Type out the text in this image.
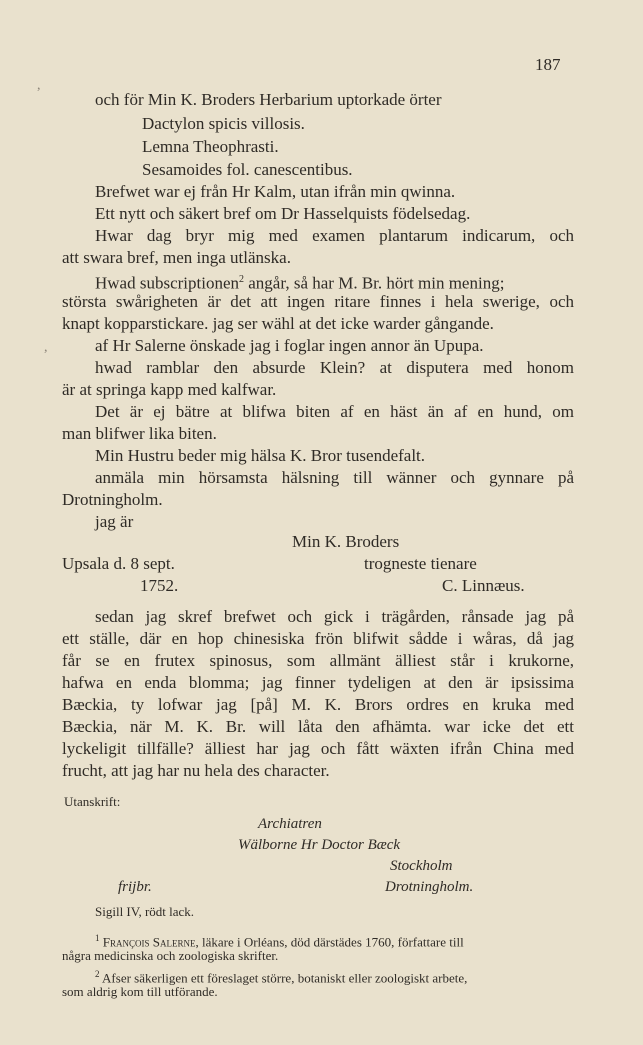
187
,
,
och för Min K. Broders Herbarium uptorkade örter
Dactylon spicis villosis.
Lemna Theophrasti.
Sesamoides fol. canescentibus.
Brefwet war ej från Hr Kalm, utan ifrån min qwinna.
Ett nytt och säkert bref om Dr Hasselquists födelsedag.
Hwar dag bryr mig med examen plantarum indicarum, och
att swara bref, men inga utlänska.
Hwad subscriptionen$^2$ angår, så har M. Br. hört min mening;
största swårigheten är det att ingen ritare finnes i hela swerige, och
knapt kopparstickare. jag ser wähl at det icke warder gångande.
af Hr Salerne önskade jag i foglar ingen annor än Upupa.
hwad ramblar den absurde Klein? at disputera med honom
är at springa kapp med kalfwar.
Det är ej bätre at blifwa biten af en häst än af en hund, om
man blifwer lika biten.
Min Hustru beder mig hälsa K. Bror tusendefalt.
anmäla min hörsamsta hälsning till wänner och gynnare på
Drotningholm.
jag är
Min K. Broders
Upsala d. 8 sept.	trogneste tienare
1752.	C. Linnæus.
sedan jag skref brefwet och gick i trägården, rånsade jag på
ett ställe, där en hop chinesiska frön blifwit sådde i wåras, då jag
får se en frutex spinosus, som allmänt älliest står i krukorne,
hafwa en enda blomma; jag finner tydeligen at den är ipsissima
Bæckia, ty lofwar jag [på] M. K. Brors ordres en kruka med
Bæckia, när M. K. Br. will låta den afhämta. war icke det ett
lyckeligit tillfälle? älliest har jag och fått wäxten ifrån China med
frucht, att jag har nu hela des character.
Utanskrift:
Archiatren
Wälborne Hr Doctor Bæck
Stockholm
frijbr.	Drotningholm.
Sigill IV, rödt lack.
$^1$ François Salerne, läkare i Orléans, död därstädes 1760, författare till
några medicinska och zoologiska skrifter.
$^2$ Afser säkerligen ett föreslaget större, botaniskt eller zoologiskt arbete,
som aldrig kom till utförande.
